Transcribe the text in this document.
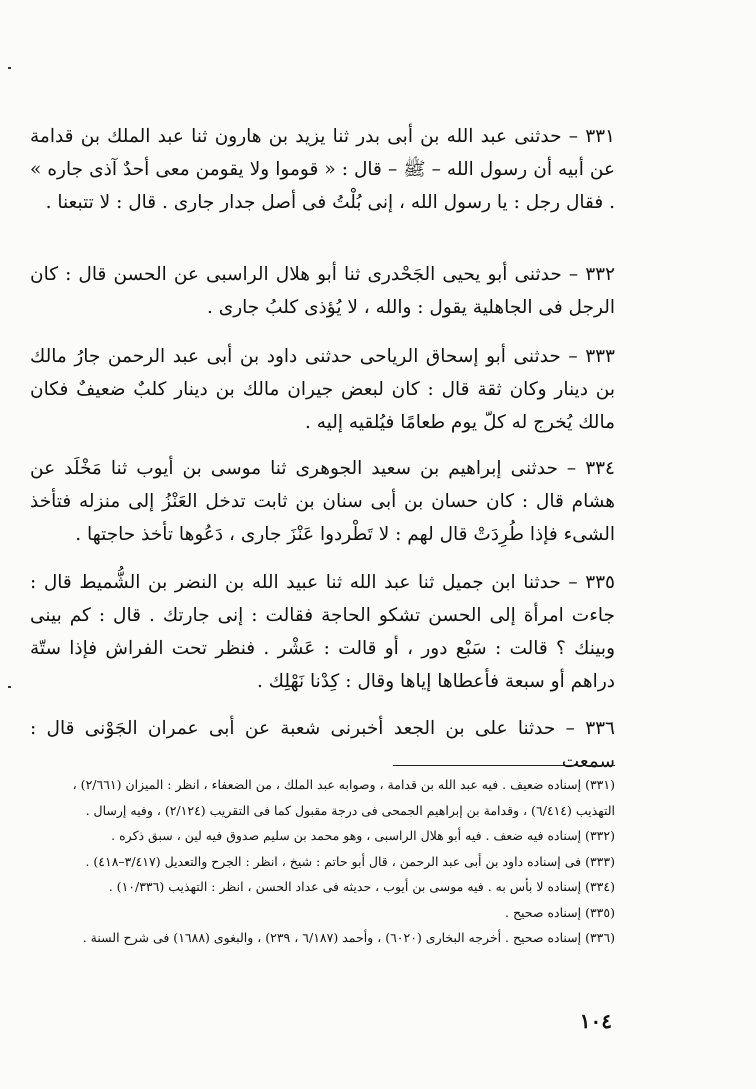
٣٣١ – حدثنى عبد الله بن أبى بدر ثنا يزيد بن هارون ثنا عبد الملك بن قدامة عن أبيه أن رسول الله – ﷺ – قال : « قوموا ولا يقومن معى أحدٌ آذى جاره » . فقال رجل : يا رسول الله ، إنى بُلْتُ فى أصل جدار جارى . قال : لا تتبعنا .

٣٣٢ – حدثنى أبو يحيى الجَحْدرى ثنا أبو هلال الراسبى عن الحسن قال : كان الرجل فى الجاهلية يقول : والله ، لا يُؤذى كلبُ جارى .

٣٣٣ – حدثنى أبو إسحاق الرياحى حدثنى داود بن أبى عبد الرحمن جارُ مالك بن دينار وكان ثقة قال : كان لبعض جيران مالك بن دينار كلبٌ ضعيفٌ فكان مالك يُخرج له كلّ يوم طعامًا فيُلقيه إليه .

٣٣٤ – حدثنى إبراهيم بن سعيد الجوهرى ثنا موسى بن أيوب ثنا مَخْلَد عن هشام قال : كان حسان بن أبى سنان بن ثابت تدخل العَنْزُ إلى منزله فتأخذ الشىء فإذا طُرِدَتْ قال لهم : لا تَطْردوا عَنْزَ جارى ، دَعُوها تأخذ حاجتها .

٣٣٥ – حدثنا ابن جميل ثنا عبد الله ثنا عبيد الله بن النضر بن الشُّميط قال : جاءت امرأة إلى الحسن تشكو الحاجة فقالت : إنى جارتك . قال : كم بينى وبينك ؟ قالت : سَبْع دور ، أو قالت : عَشْر . فنظر تحت الفراش فإذا ستّة دراهم أو سبعة فأعطاها إياها وقال : كِدْنا نَهْلِك .

٣٣٦ – حدثنا على بن الجعد أخبرنى شعبة عن أبى عمران الجَوْنى قال : سمعت

(٣٣١) إسناده ضعيف . فيه عبد الله بن قدامة ، وصوابه عبد الملك ، من الضعفاء ، انظر : الميزان (٢/٦٦١) ، التهذيب (٦/٤١٤) ، وقدامة بن إبراهيم الجمحى فى درجة مقبول كما فى التقريب (٢/١٢٤) ، وفيه إرسال .

(٣٣٢) إسناده فيه ضعف . فيه أبو هلال الراسبى ، وهو محمد بن سليم صدوق فيه لين ، سبق ذكره .

(٣٣٣) فى إسناده داود بن أبى عبد الرحمن ، قال أبو حاتم : شيخ ، انظر : الجرح والتعديل (٣/٤١٧–٤١٨) .

(٣٣٤) إسناده لا بأس به . فيه موسى بن أيوب ، حديثه فى عداد الحسن ، انظر : التهذيب (١٠/٣٣٦) .

(٣٣٥) إسناده صحيح .

(٣٣٦) إسناده صحيح . أخرجه البخارى (٦٠٢٠) ، وأحمد (٦/١٨٧ ، ٢٣٩) ، والبغوى (١٦٨٨) فى شرح السنة .

١٠٤
